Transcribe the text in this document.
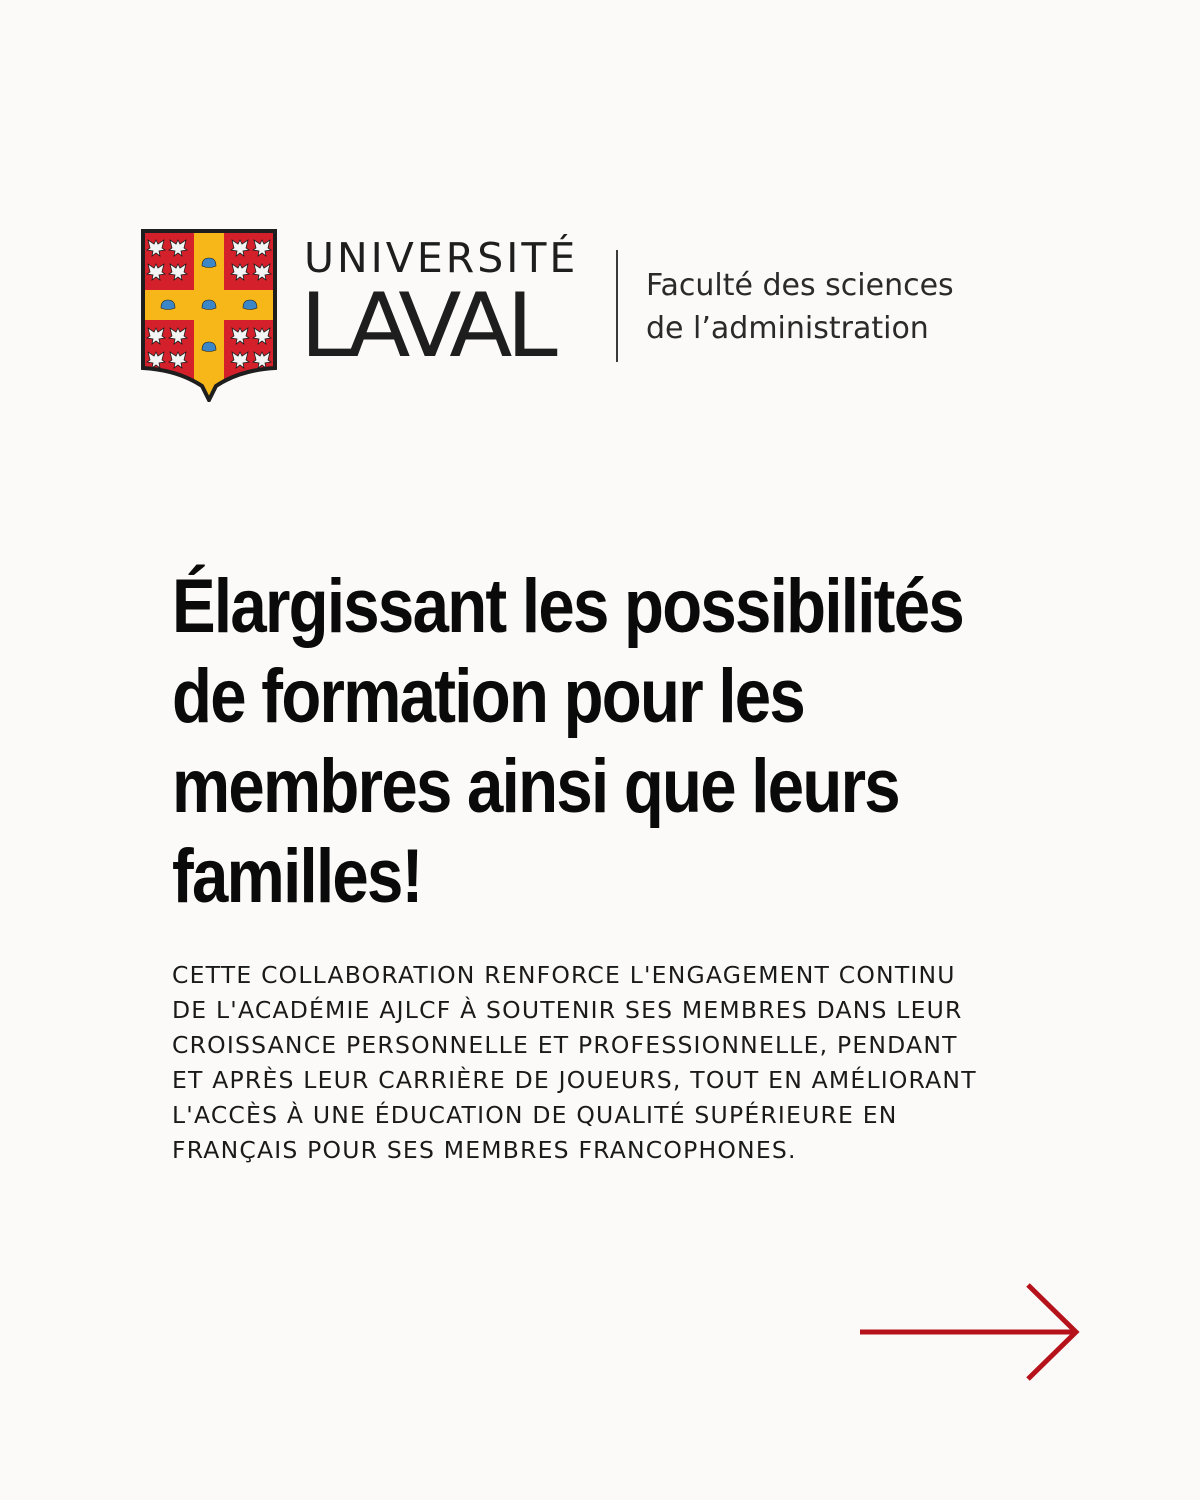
UNIVERSITÉ
LAVAL	Faculté des sciences
de l’administration
Élargissant les possibilités
de formation pour les
membres ainsi que leurs
familles!
CETTE COLLABORATION RENFORCE L'ENGAGEMENT CONTINU
DE L'ACADÉMIE AJLCF À SOUTENIR SES MEMBRES DANS LEUR
CROISSANCE PERSONNELLE ET PROFESSIONNELLE, PENDANT
ET APRÈS LEUR CARRIÈRE DE JOUEURS, TOUT EN AMÉLIORANT
L'ACCÈS À UNE ÉDUCATION DE QUALITÉ SUPÉRIEURE EN
FRANÇAIS POUR SES MEMBRES FRANCOPHONES.
